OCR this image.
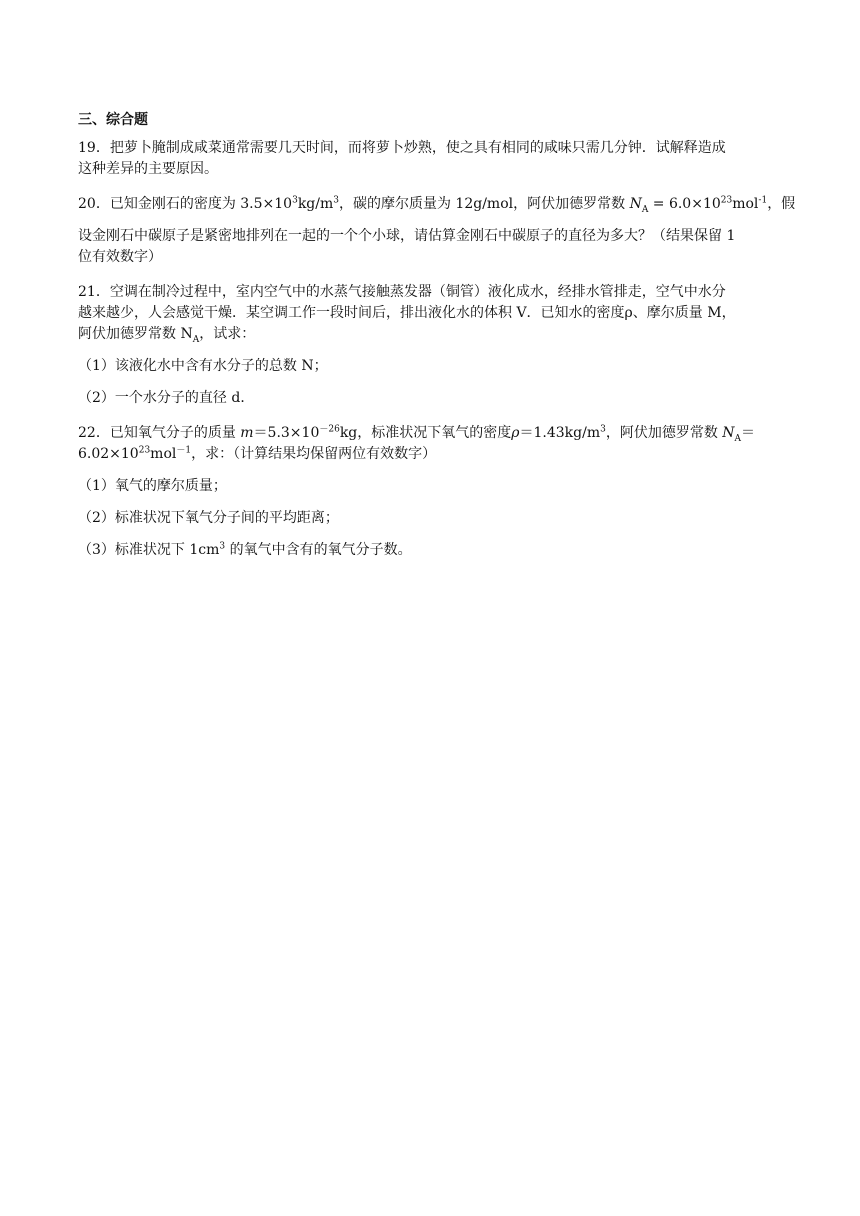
三、综合题
19．把萝卜腌制成咸菜通常需要几天时间，而将萝卜炒熟，使之具有相同的咸味只需几分钟．试解释造成
这种差异的主要原因。
20．已知金刚石的密度为 $3.5\times 10^3kg/m^3$，碳的摩尔质量为 12g/mol，阿伏加德罗常数 $N_A = 6.0\times 10^{23}mol^{-1}$，假
设金刚石中碳原子是紧密地排列在一起的一个个小球，请估算金刚石中碳原子的直径为多大？（结果保留 1
位有效数字）
21．空调在制冷过程中，室内空气中的水蒸气接触蒸发器（铜管）液化成水，经排水管排走，空气中水分
越来越少，人会感觉干燥．某空调工作一段时间后，排出液化水的体积 V．已知水的密度ρ、摩尔质量 M，
阿伏加德罗常数 $N_A$，试求：
（1）该液化水中含有水分子的总数 N；
（2）一个水分子的直径 d．
22．已知氧气分子的质量 $m=5.3\times 10^{-26}kg$，标准状况下氧气的密度$\rho=1.43kg/m^3$，阿伏加德罗常数 $N_A=$
$6.02\times 10^{23}mol^{-1}$，求：（计算结果均保留两位有效数字）
（1）氧气的摩尔质量；
（2）标准状况下氧气分子间的平均距离；
（3）标准状况下 $1cm^3$ 的氧气中含有的氧气分子数。
